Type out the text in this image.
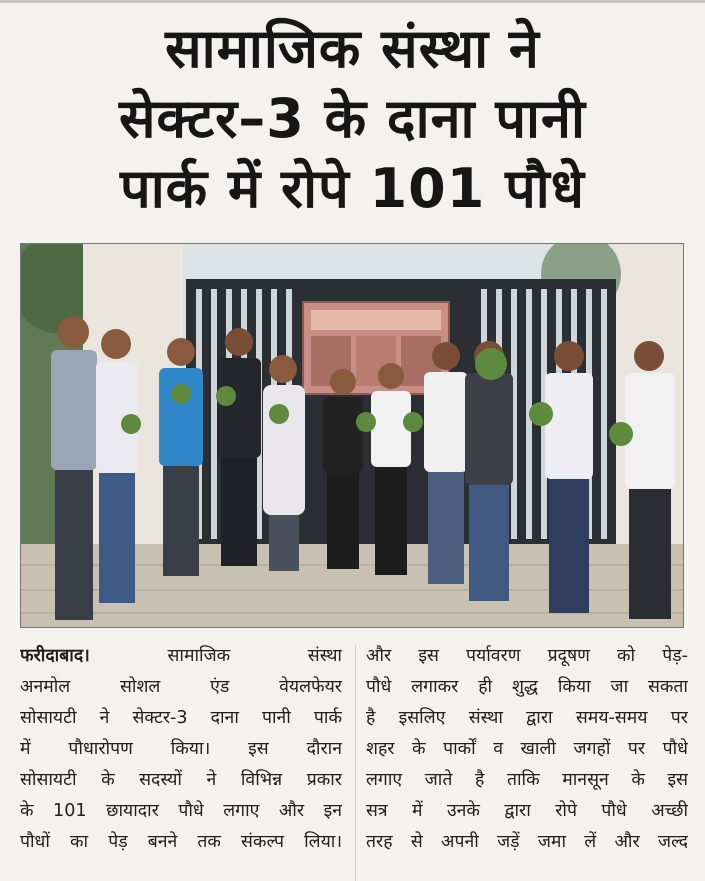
सामाजिक संस्था ने
सेक्टर–3 के दाना पानी
पार्क में रोपे 101 पौधे
फरीदाबाद। सामाजिक संस्था
अनमोल सोशल एंड वेयलफेयर
सोसायटी ने सेक्टर-3 दाना पानी पार्क
में पौधारोपण किया। इस दौरान
सोसायटी के सदस्यों ने विभिन्न प्रकार
के 101 छायादार पौधे लगाए और इन
पौधों का पेड़ बनने तक संकल्प लिया।
और इस पर्यावरण प्रदूषण को पेड़-
पौधे लगाकर ही शुद्ध किया जा सकता
है इसलिए संस्था द्वारा समय-समय पर
शहर के पार्कों व खाली जगहों पर पौधे
लगाए जाते है ताकि मानसून के इस
सत्र में उनके द्वारा रोपे पौधे अच्छी
तरह से अपनी जड़ें जमा लें और जल्द
